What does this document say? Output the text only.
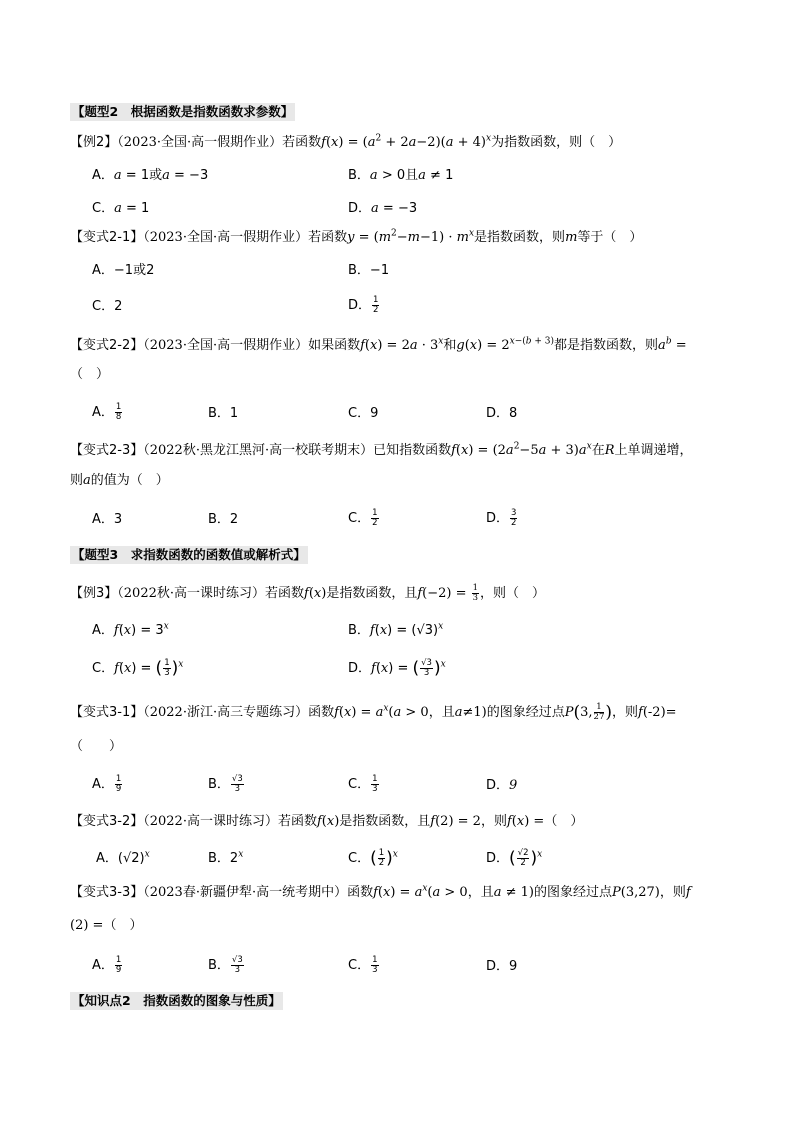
【题型2　根据函数是指数函数求参数】
【例2】（2023·全国·高一假期作业）若函数$f(x) = (a^2 + 2a-2)(a + 4)^x$为指数函数，则（　）
A．a = 1或a = −3	B．a > 0且a ≠ 1
C．a = 1	D．a = −3
【变式2-1】（2023·全国·高一假期作业）若函数$y = (m^2-m-1) \cdot m^x$是指数函数，则m等于（　）
A．−1或2	B．−1
C．2	D． $\frac{1}{2}$
【变式2-2】（2023·全国·高一假期作业）如果函数$f(x) = 2a \cdot 3^x$和$g(x) = 2^{x-(b + 3)}$都是指数函数，则$a^b$ =
（　）
A． $\frac{1}{8}$	B．1	C．9	D．8
【变式2-3】（2022秋·黑龙江黑河·高一校联考期末）已知指数函数$f(x) = (2a^2-5a + 3)a^x$在R上单调递增，
则a的值为（　）
A．3	B．2	C． $\frac{1}{2}$	D． $\frac{3}{2}$
【题型3　求指数函数的函数值或解析式】
【例3】（2022秋·高一课时练习）若函数f(x)是指数函数，且$f(-2) = \frac{1}{3}$ ，则（　）
A．$f(x) = 3^x$	B．$f(x) = (√3)^x$
C．f(x) = ( $\frac{1}{3} )^x$	D．f(x) = ( $\frac{√3}{3} )^x$
【变式3-1】（2022·浙江·高三专题练习）函数$f(x) = a^x(a > 0$，且a≠1)的图象经过点P(3, $\frac{1}{27}$ )，则f(-2)=
（　　）
A． $\frac{1}{9}$	B． $\frac{√3}{3}$	C． $\frac{1}{3}$	D．9
【变式3-2】（2022·高一课时练习）若函数f(x)是指数函数，且f(2) = 2，则f(x) =（　）
A．$(√2)^x$	B．2$^x$	C．( $\frac{1}{2} )^x$	D．( $\frac{√2}{2} )^x$
【变式3-3】（2023春·新疆伊犁·高一统考期中）函数$f(x) = a^x(a > 0$，且a ≠ 1)的图象经过点P(3,27)，则f
(2) =（　）
A． $\frac{1}{9}$	B． $\frac{√3}{3}$	C． $\frac{1}{3}$	D．9
【知识点2　指数函数的图象与性质】
